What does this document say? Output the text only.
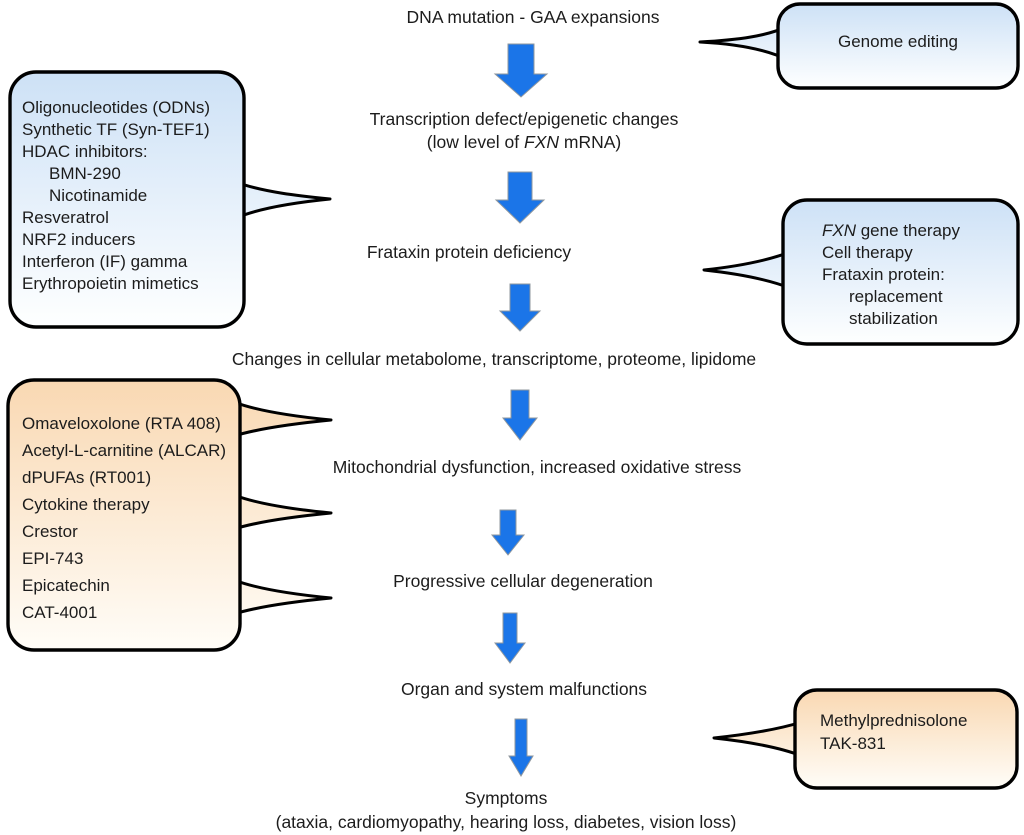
DNA mutation - GAA expansions
Transcription defect/epigenetic changes
(low level of FXN mRNA)
Frataxin protein deficiency
Changes in cellular metabolome, transcriptome, proteome, lipidome
Mitochondrial dysfunction, increased oxidative stress
Progressive cellular degeneration
Organ and system malfunctions
Symptoms
(ataxia, cardiomyopathy, hearing loss, diabetes, vision loss)
Genome editing
Oligonucleotides (ODNs)
Synthetic TF (Syn-TEF1)
HDAC inhibitors:
BMN-290
Nicotinamide
Resveratrol
NRF2 inducers
Interferon (IF) gamma
Erythropoietin mimetics
FXN gene therapy
Cell therapy
Frataxin protein:
replacement
stabilization
Omaveloxolone (RTA 408)
Acetyl-L-carnitine (ALCAR)
dPUFAs (RT001)
Cytokine therapy
Crestor
EPI-743
Epicatechin
CAT-4001
Methylprednisolone
TAK-831
